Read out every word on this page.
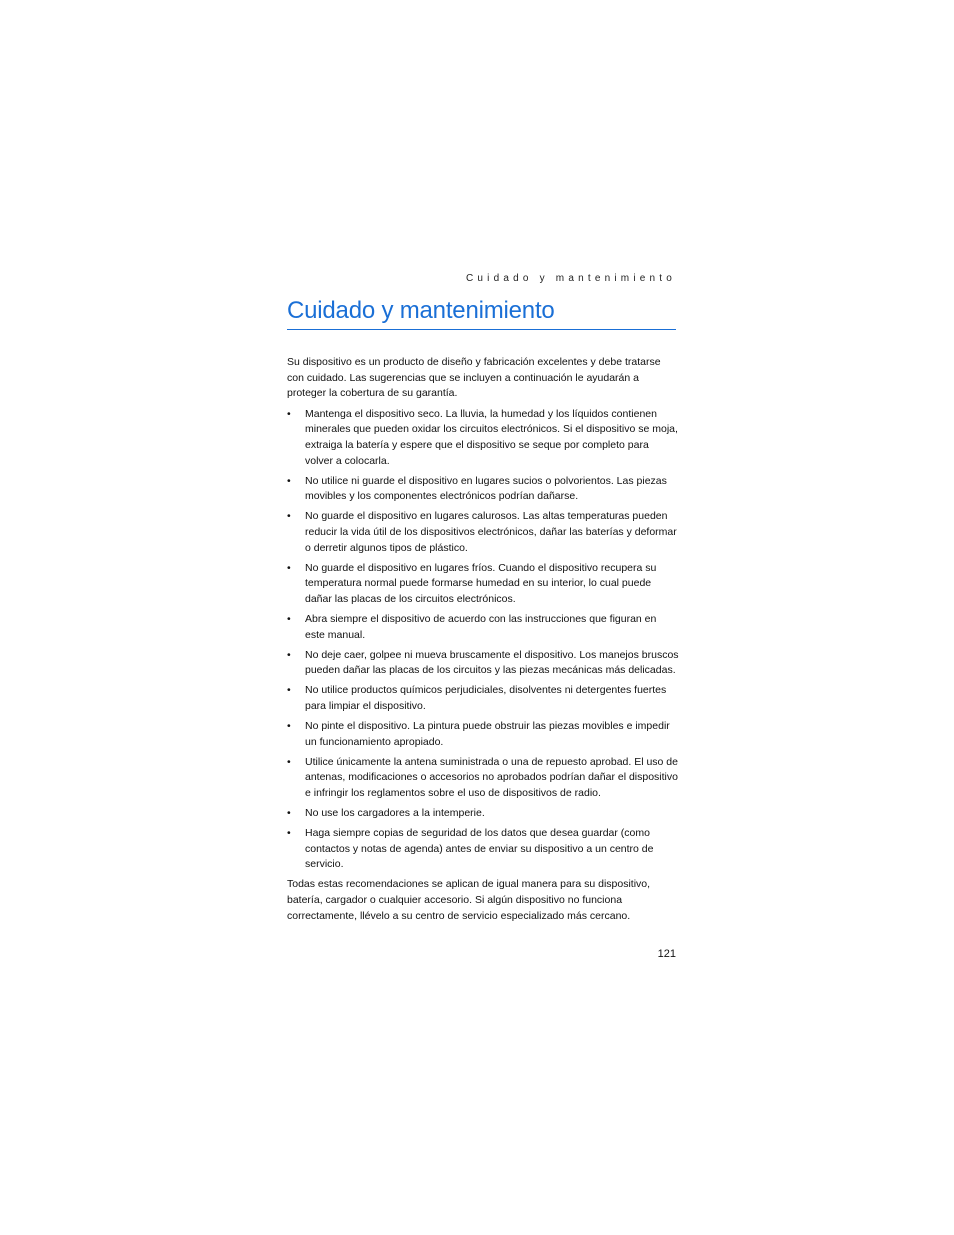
Cuidado y mantenimiento
Cuidado y mantenimiento

Su dispositivo es un producto de diseño y fabricación excelentes y debe tratarse con cuidado. Las sugerencias que se incluyen a continuación le ayudarán a proteger la cobertura de su garantía.

• Mantenga el dispositivo seco. La lluvia, la humedad y los líquidos contienen minerales que pueden oxidar los circuitos electrónicos. Si el dispositivo se moja, extraiga la batería y espere que el dispositivo se seque por completo para volver a colocarla.
• No utilice ni guarde el dispositivo en lugares sucios o polvorientos. Las piezas movibles y los componentes electrónicos podrían dañarse.
• No guarde el dispositivo en lugares calurosos. Las altas temperaturas pueden reducir la vida útil de los dispositivos electrónicos, dañar las baterías y deformar o derretir algunos tipos de plástico.
• No guarde el dispositivo en lugares fríos. Cuando el dispositivo recupera su temperatura normal puede formarse humedad en su interior, lo cual puede dañar las placas de los circuitos electrónicos.
• Abra siempre el dispositivo de acuerdo con las instrucciones que figuran en este manual.
• No deje caer, golpee ni mueva bruscamente el dispositivo. Los manejos bruscos pueden dañar las placas de los circuitos y las piezas mecánicas más delicadas.
• No utilice productos químicos perjudiciales, disolventes ni detergentes fuertes para limpiar el dispositivo.
• No pinte el dispositivo. La pintura puede obstruir las piezas movibles e impedir un funcionamiento apropiado.
• Utilice únicamente la antena suministrada o una de repuesto aprobad. El uso de antenas, modificaciones o accesorios no aprobados podrían dañar el dispositivo e infringir los reglamentos sobre el uso de dispositivos de radio.
• No use los cargadores a la intemperie.
• Haga siempre copias de seguridad de los datos que desea guardar (como contactos y notas de agenda) antes de enviar su dispositivo a un centro de servicio.

Todas estas recomendaciones se aplican de igual manera para su dispositivo, batería, cargador o cualquier accesorio. Si algún dispositivo no funciona correctamente, llévelo a su centro de servicio especializado más cercano.

121
